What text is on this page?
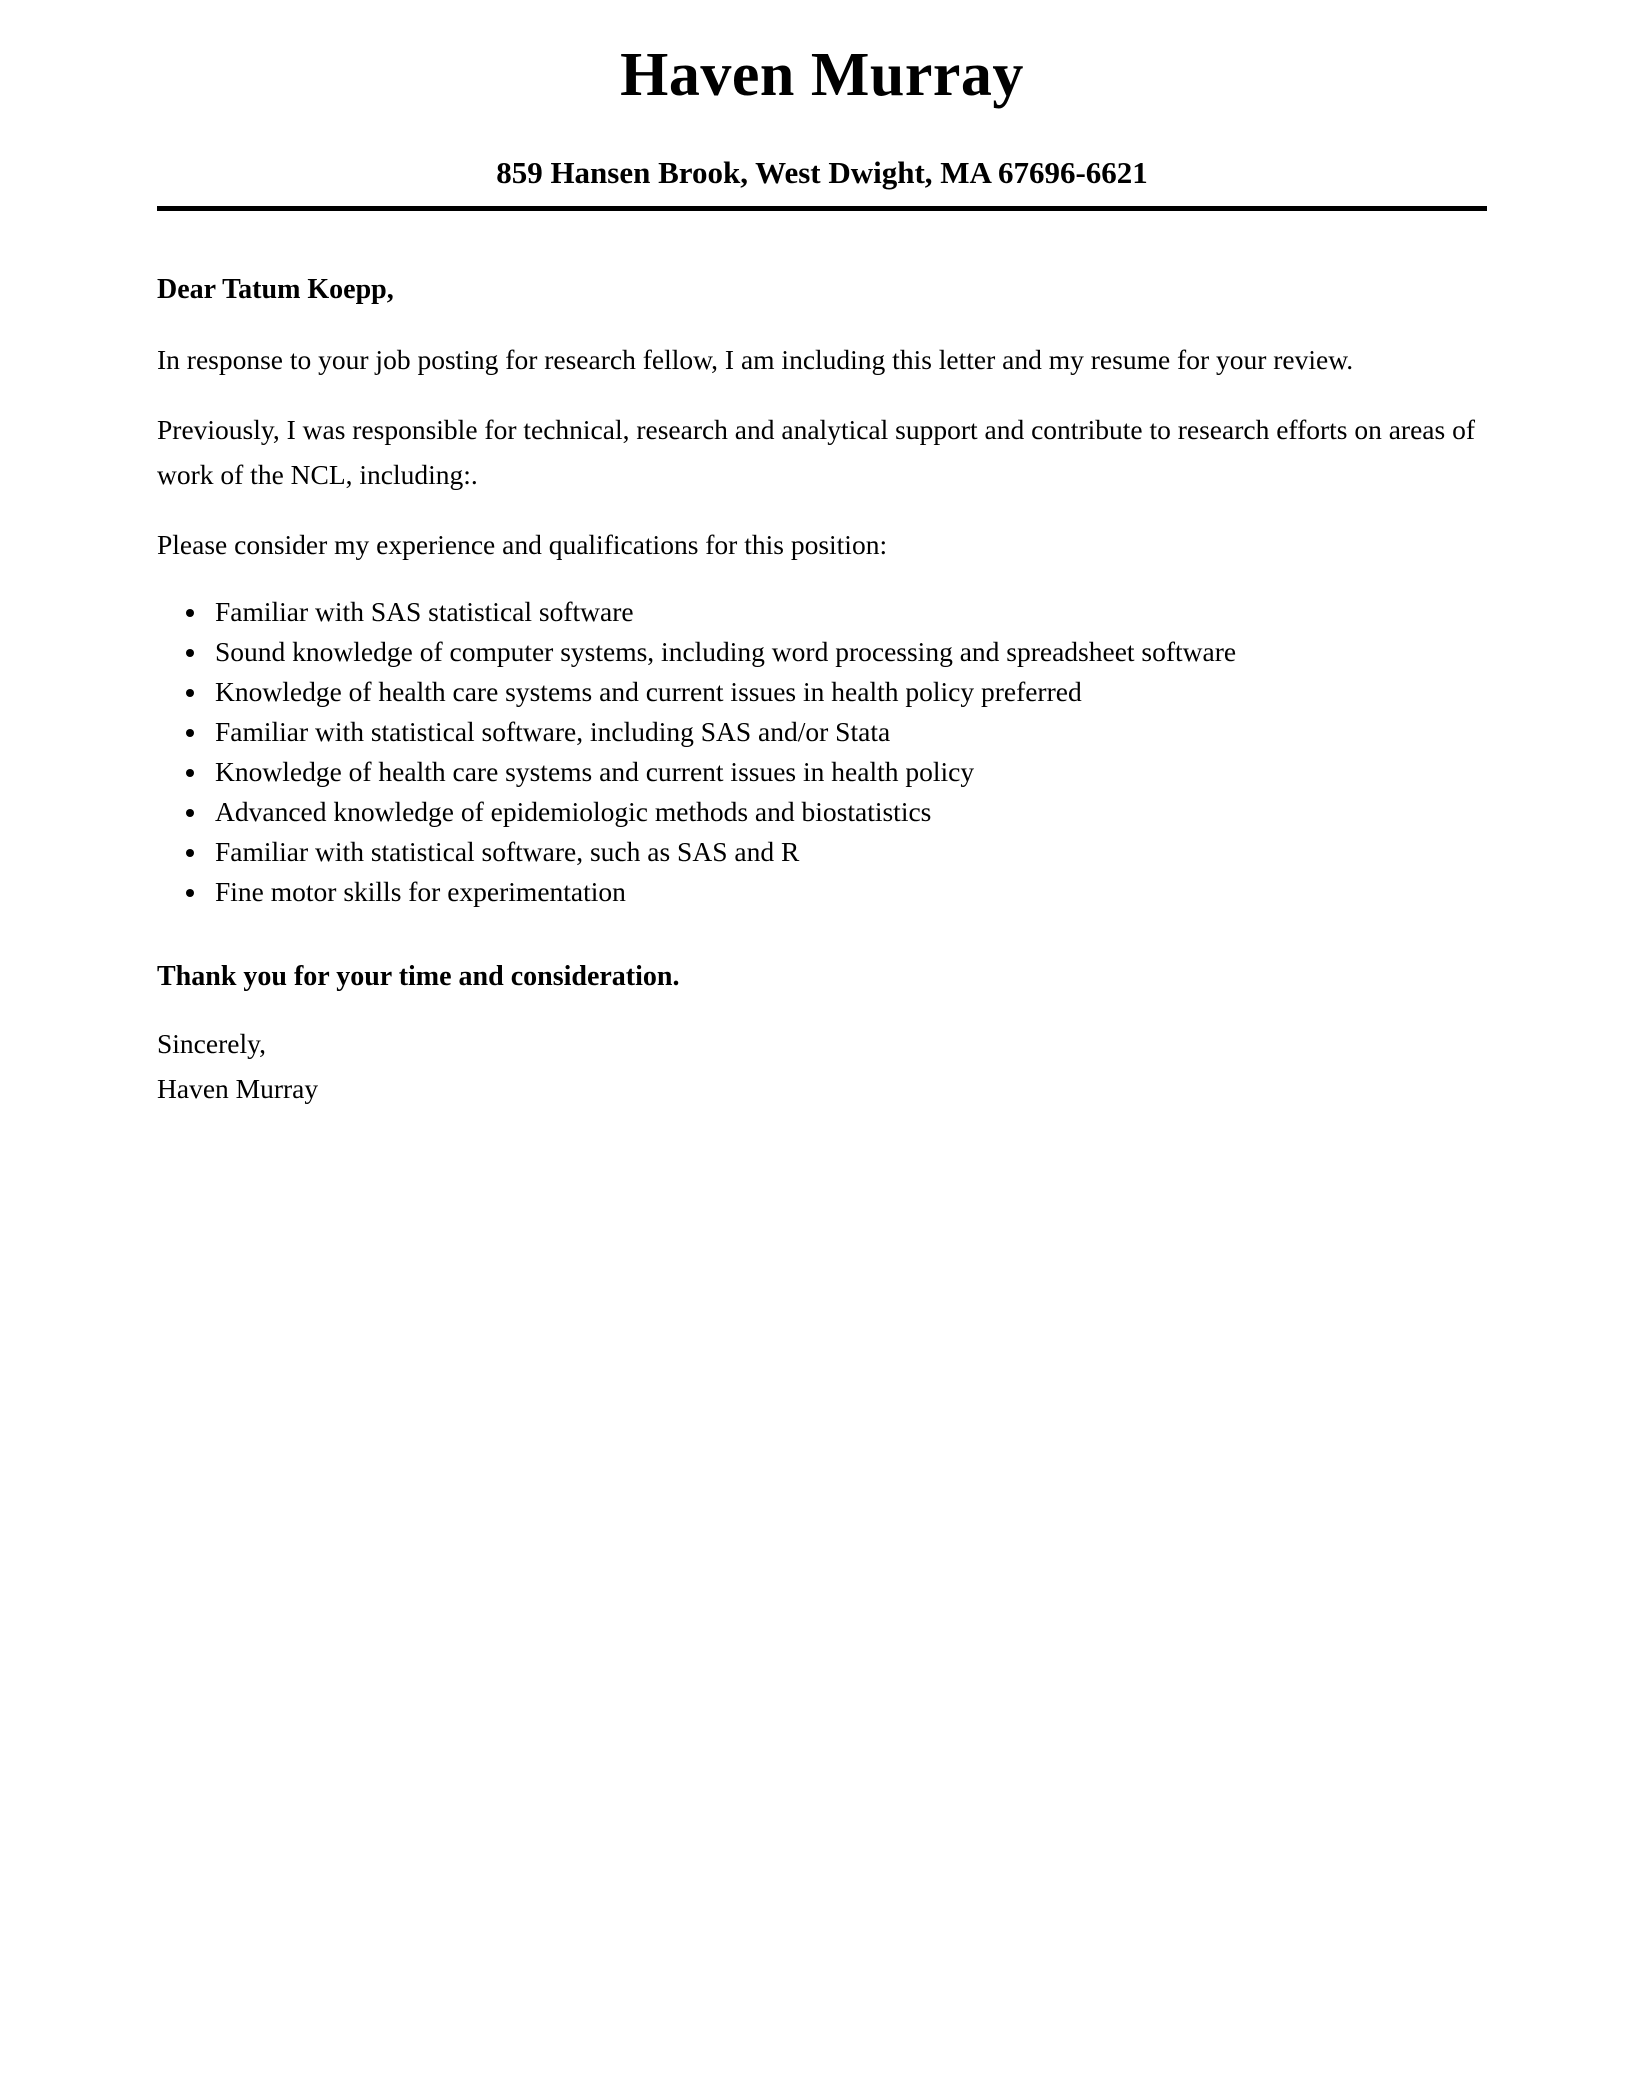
Haven Murray
859 Hansen Brook, West Dwight, MA 67696-6621
Dear Tatum Koepp,

In response to your job posting for research fellow, I am including this letter and my resume for your review.

Previously, I was responsible for technical, research and analytical support and contribute to research efforts on areas of work of the NCL, including:.

Please consider my experience and qualifications for this position:

• Familiar with SAS statistical software
• Sound knowledge of computer systems, including word processing and spreadsheet software
• Knowledge of health care systems and current issues in health policy preferred
• Familiar with statistical software, including SAS and/or Stata
• Knowledge of health care systems and current issues in health policy
• Advanced knowledge of epidemiologic methods and biostatistics
• Familiar with statistical software, such as SAS and R
• Fine motor skills for experimentation

Thank you for your time and consideration.

Sincerely,
Haven Murray
